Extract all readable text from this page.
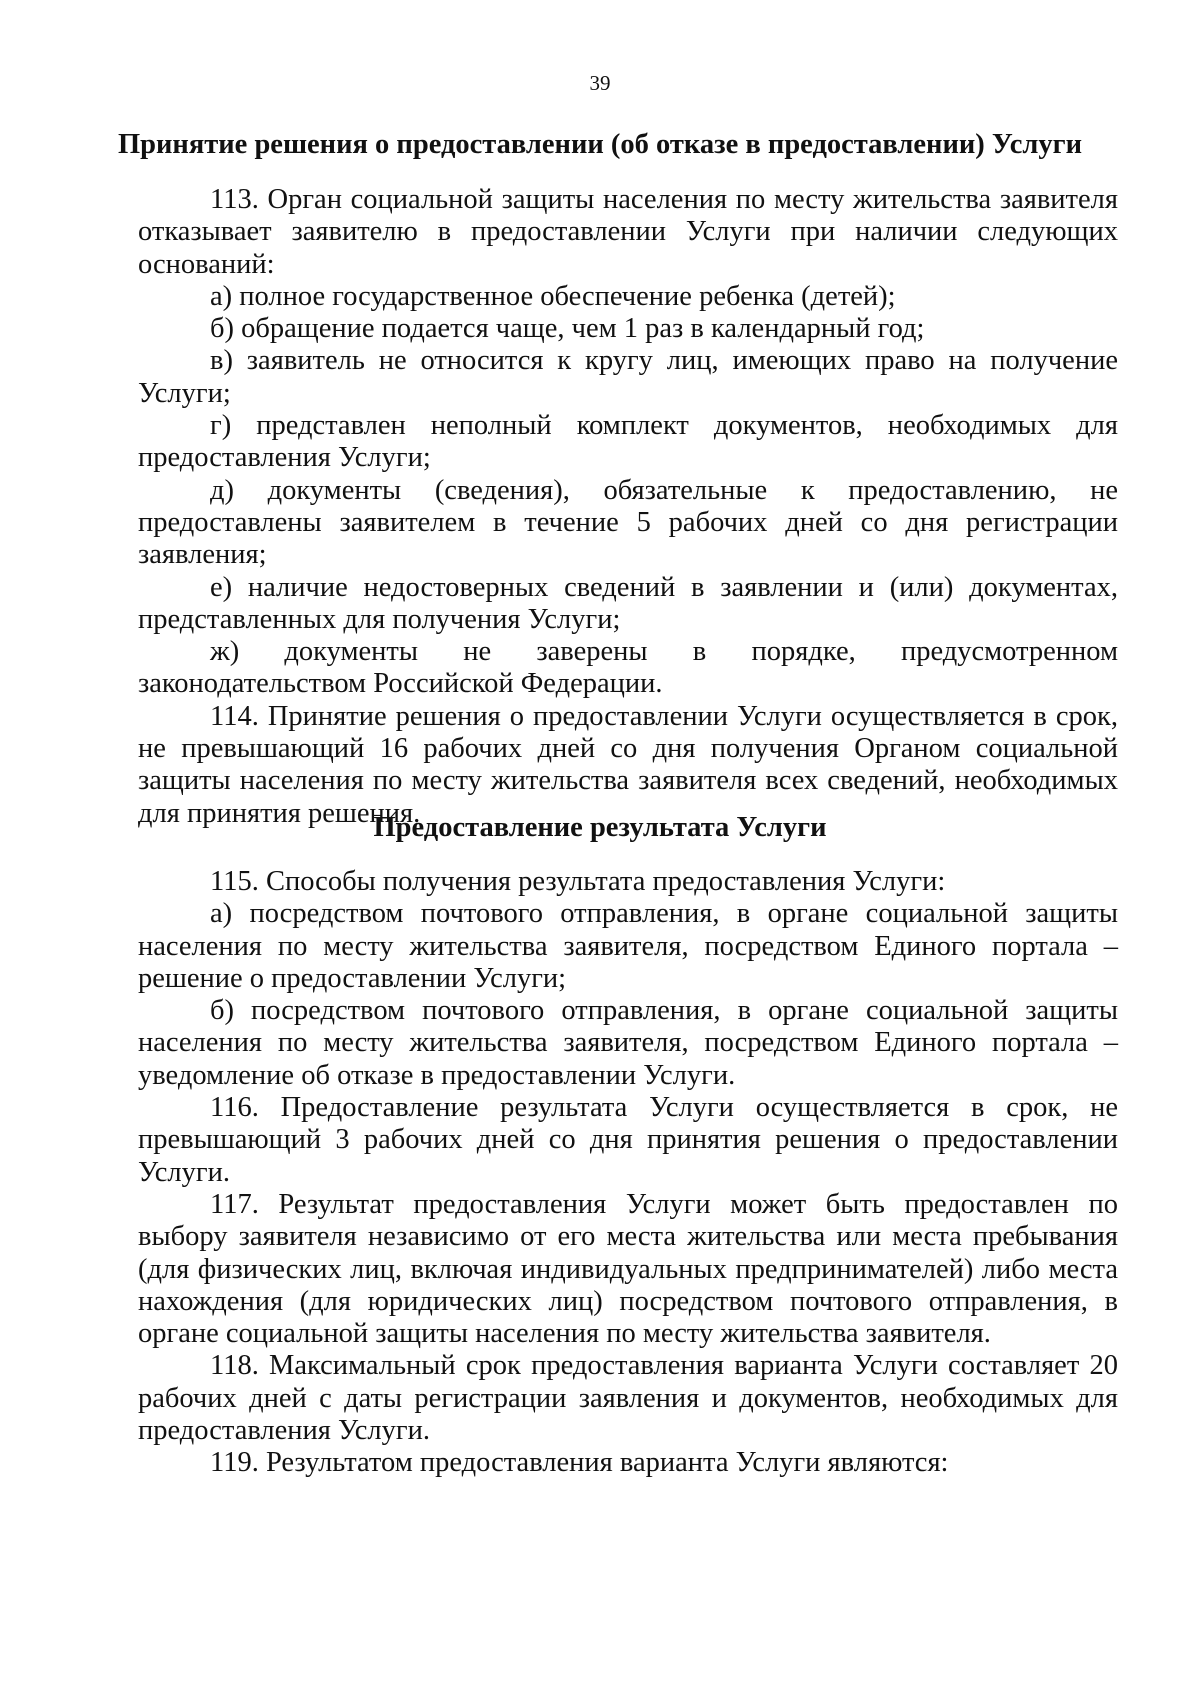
39
Принятие решения о предоставлении (об отказе в предоставлении) Услуги

113. Орган социальной защиты населения по месту жительства заявителя отказывает заявителю в предоставлении Услуги при наличии следующих оснований:

а) полное государственное обеспечение ребенка (детей);

б) обращение подается чаще, чем 1 раз в календарный год;

в) заявитель не относится к кругу лиц, имеющих право на получение Услуги;

г) представлен неполный комплект документов, необходимых для предоставления Услуги;

д) документы (сведения), обязательные к предоставлению, не предоставлены заявителем в течение 5 рабочих дней со дня регистрации заявления;

е) наличие недостоверных сведений в заявлении и (или) документах, представленных для получения Услуги;

ж) документы не заверены в порядке, предусмотренном законодательством Российской Федерации.

114. Принятие решения о предоставлении Услуги осуществляется в срок, не превышающий 16 рабочих дней со дня получения Органом социальной защиты населения по месту жительства заявителя всех сведений, необходимых для принятия решения.

Предоставление результата Услуги

115. Способы получения результата предоставления Услуги:

а) посредством почтового отправления, в органе социальной защиты населения по месту жительства заявителя, посредством Единого портала – решение о предоставлении Услуги;

б) посредством почтового отправления, в органе социальной защиты населения по месту жительства заявителя, посредством Единого портала – уведомление об отказе в предоставлении Услуги.

116. Предоставление результата Услуги осуществляется в срок, не превышающий 3 рабочих дней со дня принятия решения о предоставлении Услуги.

117. Результат предоставления Услуги может быть предоставлен по выбору заявителя независимо от его места жительства или места пребывания (для физических лиц, включая индивидуальных предпринимателей) либо места нахождения (для юридических лиц) посредством почтового отправления, в органе социальной защиты населения по месту жительства заявителя.

118. Максимальный срок предоставления варианта Услуги составляет 20 рабочих дней с даты регистрации заявления и документов, необходимых для предоставления Услуги.

119. Результатом предоставления варианта Услуги являются:
